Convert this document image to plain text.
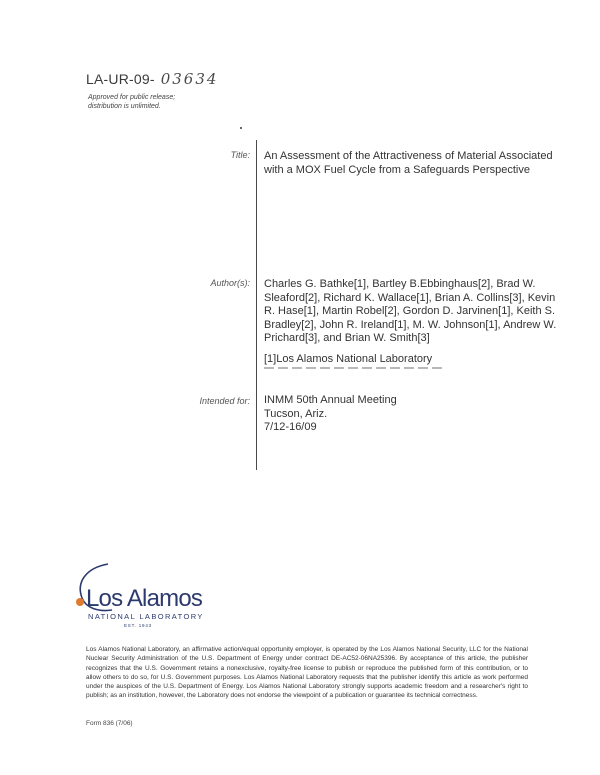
LA-UR-09- 03634
Approved for public release;
distribution is unlimited.
Title: An Assessment of the Attractiveness of Material Associated
with a MOX Fuel Cycle from a Safeguards Perspective
Author(s): Charles G. Bathke[1], Bartley B.Ebbinghaus[2], Brad W.
Sleaford[2], Richard K. Wallace[1], Brian A. Collins[3], Kevin
R. Hase[1], Martin Robel[2], Gordon D. Jarvinen[1], Keith S.
Bradley[2], John R. Ireland[1], M. W. Johnson[1], Andrew W.
Prichard[3], and Brian W. Smith[3]
[1]Los Alamos National Laboratory
Intended for: INMM 50th Annual Meeting
Tucson, Ariz.
7/12-16/09
Los Alamos
NATIONAL LABORATORY
EST. 1943
Los Alamos National Laboratory, an affirmative action/equal opportunity employer, is operated by the Los Alamos National Security, LLC for the National Nuclear Security Administration of the U.S. Department of Energy under contract DE-AC52-06NA25396. By acceptance of this article, the publisher recognizes that the U.S. Government retains a nonexclusive, royalty-free license to publish or reproduce the published form of this contribution, or to allow others to do so, for U.S. Government purposes. Los Alamos National Laboratory requests that the publisher identify this article as work performed under the auspices of the U.S. Department of Energy. Los Alamos National Laboratory strongly supports academic freedom and a researcher's right to publish; as an institution, however, the Laboratory does not endorse the viewpoint of a publication or guarantee its technical correctness.
Form 836 (7/06)
